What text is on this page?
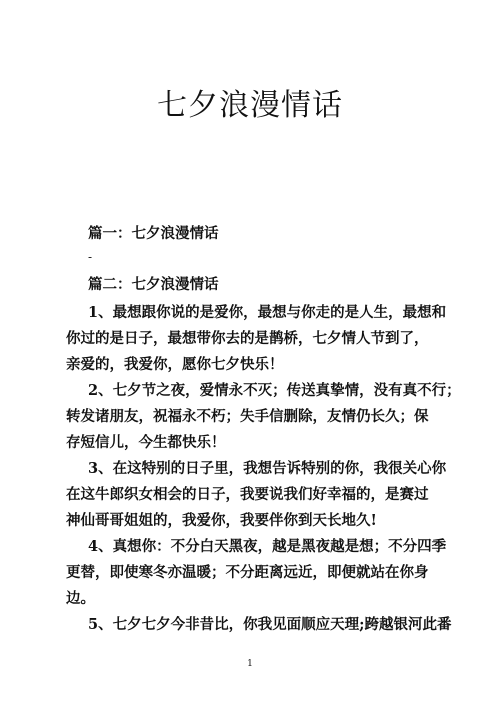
七夕浪漫情话
篇一：七夕浪漫情话
-
篇二：七夕浪漫情话
1、最想跟你说的是爱你，最想与你走的是人生，最想和
你过的是日子，最想带你去的是鹊桥，七夕情人节到了，
亲爱的，我爱你，愿你七夕快乐！
2、七夕节之夜，爱情永不灭；传送真挚情，没有真不行；
转发诸朋友，祝福永不朽；失手信删除，友情仍长久；保
存短信儿，今生都快乐！
3、在这特别的日子里，我想告诉特别的你，我很关心你
在这牛郎织女相会的日子，我要说我们好幸福的，是赛过
神仙哥哥姐姐的，我爱你，我要伴你到天长地久!
4、真想你：不分白天黑夜，越是黑夜越是想；不分四季
更替，即使寒冬亦温暖；不分距离远近，即便就站在你身
边。
5、七夕七夕今非昔比，你我见面顺应天理;跨越银河此番
1
